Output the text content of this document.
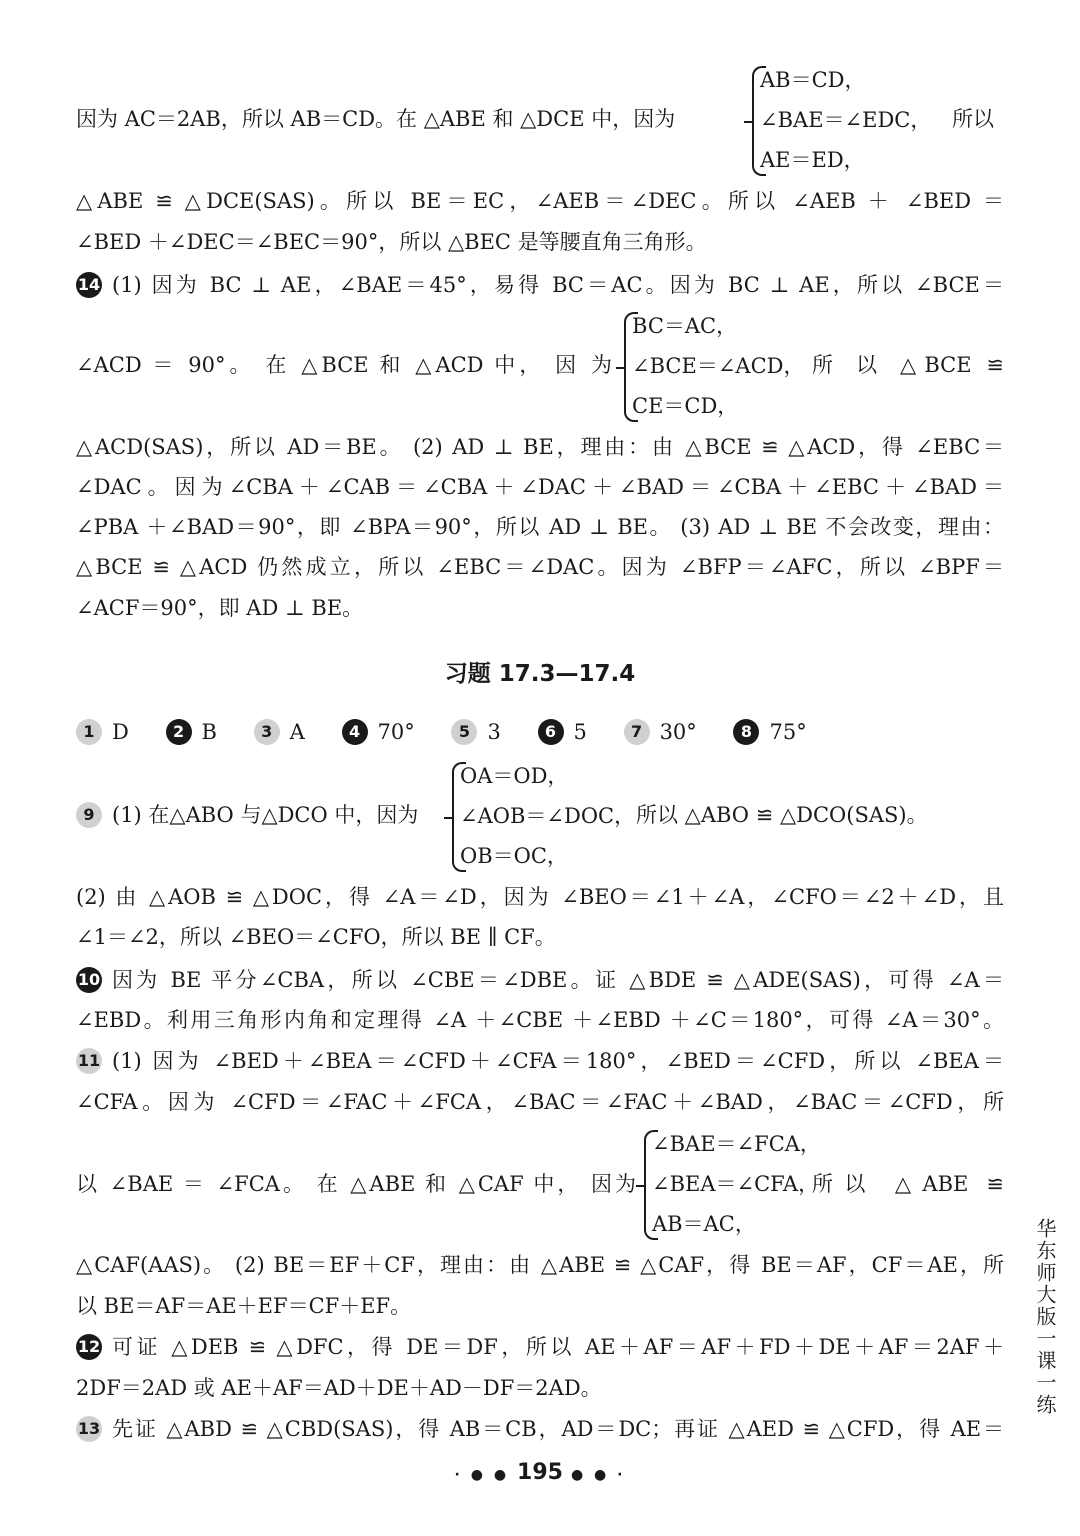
因为 AC＝2AB，所以 AB＝CD。在 △ABE 和 △DCE 中，因为
AB＝CD，
∠BAE＝∠EDC，
AE＝ED，
所以
△ABE ≌ △DCE(SAS)。所以 BE＝EC，∠AEB＝∠DEC。所以 ∠AEB ＋ ∠BED ＝
∠BED ＋∠DEC＝∠BEC＝90°，所以 △BEC 是等腰直角三角形。
14 (1) 因为 BC ⊥ AE，∠BAE＝45°，易得 BC＝AC。因为 BC ⊥ AE，所以 ∠BCE＝
∠ACD ＝ 90°。 在 △BCE 和 △ACD 中， 因 为
BC＝AC，
∠BCE＝∠ACD，
CE＝CD，
所 以 △BCE ≌
△ACD(SAS)，所以 AD＝BE。 (2) AD ⊥ BE，理由：由 △BCE ≌ △ACD，得 ∠EBC＝
∠DAC。因为∠CBA＋∠CAB＝∠CBA＋∠DAC＋∠BAD＝∠CBA＋∠EBC＋∠BAD＝
∠PBA ＋∠BAD＝90°，即 ∠BPA＝90°，所以 AD ⊥ BE。 (3) AD ⊥ BE 不会改变，理由：
△BCE ≌ △ACD 仍然成立，所以 ∠EBC＝∠DAC。因为 ∠BFP＝∠AFC，所以 ∠BPF＝
∠ACF＝90°，即 AD ⊥ BE。
习题 17.3—17.4
1 D	2 B	3 A	4 70°	5 3	6 5	7 30°	8 75°
9 (1) 在△ABO 与△DCO 中，因为
OA＝OD，
∠AOB＝∠DOC，
OB＝OC，
所以 △ABO ≌ △DCO(SAS)。
(2) 由 △AOB ≌ △DOC，得 ∠A＝∠D，因为 ∠BEO＝∠1＋∠A，∠CFO＝∠2＋∠D，且
∠1＝∠2，所以 ∠BEO＝∠CFO，所以 BE ∥ CF。
10 因为 BE 平分∠CBA，所以 ∠CBE＝∠DBE。证 △BDE ≌ △ADE(SAS)，可得 ∠A＝
∠EBD。利用三角形内角和定理得 ∠A ＋∠CBE ＋∠EBD ＋∠C＝180°，可得 ∠A＝30°。
11 (1) 因为 ∠BED＋∠BEA＝∠CFD＋∠CFA＝180°，∠BED＝∠CFD，所以 ∠BEA＝
∠CFA。因为 ∠CFD＝∠FAC＋∠FCA，∠BAC＝∠FAC＋∠BAD，∠BAC＝∠CFD，所
以 ∠BAE ＝ ∠FCA。 在 △ABE 和 △CAF 中， 因为
∠BAE＝∠FCA，
∠BEA＝∠CFA，
AB＝AC，
所以 △ABE ≌
△CAF(AAS)。 (2) BE＝EF＋CF，理由：由 △ABE ≌ △CAF，得 BE＝AF，CF＝AE，所
以 BE＝AF＝AE＋EF＝CF＋EF。
12 可证 △DEB ≌ △DFC，得 DE＝DF，所以 AE＋AF＝AF＋FD＋DE＋AF＝2AF＋
2DF＝2AD 或 AE＋AF＝AD＋DE＋AD－DF＝2AD。
13 先证 △ABD ≌ △CBD(SAS)，得 AB＝CB，AD＝DC；再证 △AED ≌ △CFD，得 AE＝
华东师大版一课一练
· ● ● 195 ● ● ·
